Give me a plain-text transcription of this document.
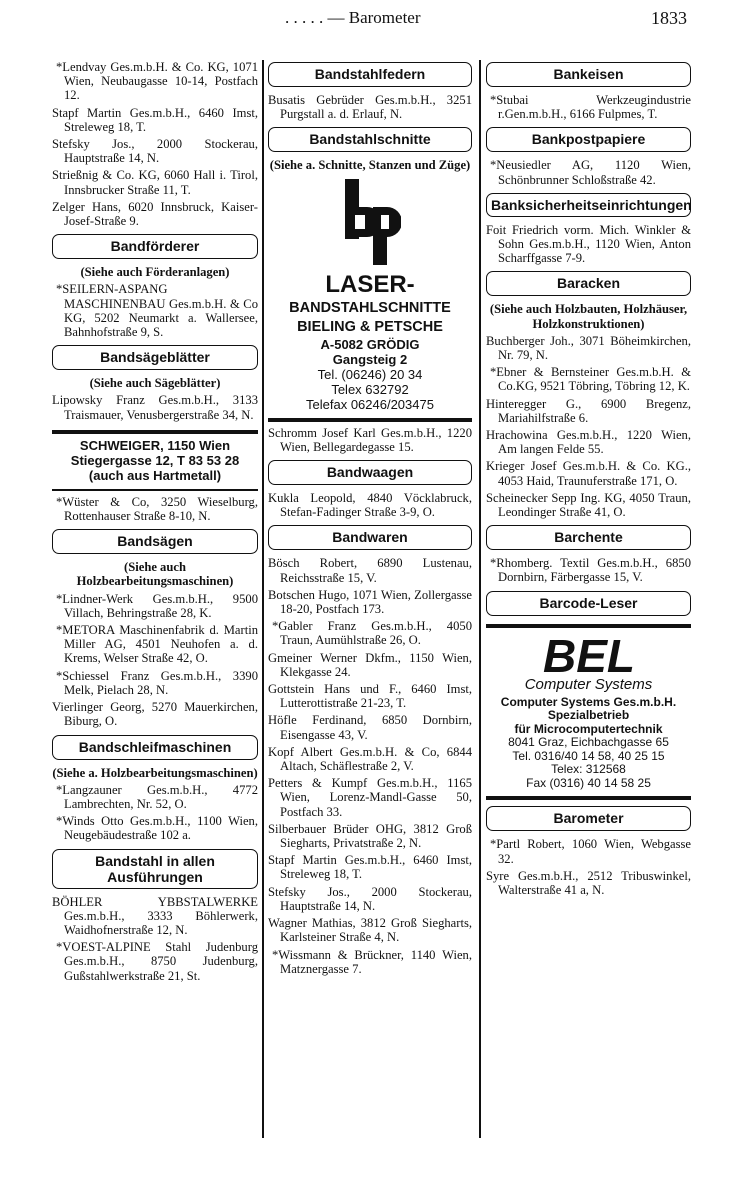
. . . . . — Barometer	1833

*Lendvay Ges.m.b.H. & Co. KG, 1071 Wien, Neubaugasse 10-14, Postfach 12.

Stapf Martin Ges.m.b.H., 6460 Imst, Streleweg 18, T.

Stefsky Jos., 2000 Stockerau, Hauptstraße 14, N.

Strießnig & Co. KG, 6060 Hall i. Tirol, Innsbrucker Straße 11, T.

Zelger Hans, 6020 Innsbruck, Kaiser-Josef-Straße 9.

Bandförderer
(Siehe auch Förderanlagen)

*SEILERN-ASPANG MASCHINENBAU Ges.m.b.H. & Co KG, 5202 Neumarkt a. Wallersee, Bahnhofstraße 9, S.

Bandsägeblätter
(Siehe auch Sägeblätter)

Lipowsky Franz Ges.m.b.H., 3133 Traismauer, Venusbergerstraße 34, N.

SCHWEIGER, 1150 Wien
Stiegergasse 12, T 83 53 28
(auch aus Hartmetall)

*Wüster & Co, 3250 Wieselburg, Rottenhauser Straße 8-10, N.

Bandsägen
(Siehe auch Holzbearbeitungsmaschinen)

*Lindner-Werk Ges.m.b.H., 9500 Villach, Behringstraße 28, K.

*METORA Maschinenfabrik d. Martin Miller AG, 4501 Neuhofen a. d. Krems, Welser Straße 42, O.

*Schiessel Franz Ges.m.b.H., 3390 Melk, Pielach 28, N.

Vierlinger Georg, 5270 Mauerkirchen, Biburg, O.

Bandschleifmaschinen
(Siehe a. Holzbearbeitungsmaschinen)

*Langzauner Ges.m.b.H., 4772 Lambrechten, Nr. 52, O.

*Winds Otto Ges.m.b.H., 1100 Wien, Neugebäudestraße 102 a.

Bandstahl in allen Ausführungen

BÖHLER YBBSTALWERKE Ges.m.b.H., 3333 Böhlerwerk, Waidhofnerstraße 12, N.

*VOEST-ALPINE Stahl Judenburg Ges.m.b.H., 8750 Judenburg, Gußstahlwerkstraße 21, St.

Bandstahlfedern

Busatis Gebrüder Ges.m.b.H., 3251 Purgstall a. d. Erlauf, N.

Bandstahlschnitte
(Siehe a. Schnitte, Stanzen und Züge)
LASER-
BANDSTAHLSCHNITTE
BIELING & PETSCHE
A-5082 GRÖDIG
Gangsteig 2
Tel. (06246) 20 34
Telex 632792
Telefax 06246/203475

Schromm Josef Karl Ges.m.b.H., 1220 Wien, Bellegardegasse 15.

Bandwaagen

Kukla Leopold, 4840 Vöcklabruck, Stefan-Fadinger Straße 3-9, O.

Bandwaren

Bösch Robert, 6890 Lustenau, Reichsstraße 15, V.

Botschen Hugo, 1071 Wien, Zollergasse 18-20, Postfach 173.

*Gabler Franz Ges.m.b.H., 4050 Traun, Aumühlstraße 26, O.

Gmeiner Werner Dkfm., 1150 Wien, Klekgasse 24.

Gottstein Hans und F., 6460 Imst, Lutterottistraße 21-23, T.

Höfle Ferdinand, 6850 Dornbirn, Eisengasse 43, V.

Kopf Albert Ges.m.b.H. & Co, 6844 Altach, Schäflestraße 2, V.

Petters & Kumpf Ges.m.b.H., 1165 Wien, Lorenz-Mandl-Gasse 50, Postfach 33.

Silberbauer Brüder OHG, 3812 Groß Siegharts, Privatstraße 2, N.

Stapf Martin Ges.m.b.H., 6460 Imst, Streleweg 18, T.

Stefsky Jos., 2000 Stockerau, Hauptstraße 14, N.

Wagner Mathias, 3812 Groß Siegharts, Karlsteiner Straße 4, N.

*Wissmann & Brückner, 1140 Wien, Matznergasse 7.

Bankeisen

*Stubai Werkzeugindustrie r.Gen.m.b.H., 6166 Fulpmes, T.

Bankpostpapiere

*Neusiedler AG, 1120 Wien, Schönbrunner Schloßstraße 42.

Banksicherheitseinrichtungen

Foit Friedrich vorm. Mich. Winkler & Sohn Ges.m.b.H., 1120 Wien, Anton Scharffgasse 7-9.

Baracken
(Siehe auch Holzbauten, Holzhäuser, Holzkonstruktionen)

Buchberger Joh., 3071 Böheimkirchen, Nr. 79, N.

*Ebner & Bernsteiner Ges.m.b.H. & Co.KG, 9521 Töbring, Töbring 12, K.

Hinteregger G., 6900 Bregenz, Mariahilfstraße 6.

Hrachowina Ges.m.b.H., 1220 Wien, Am langen Felde 55.

Krieger Josef Ges.m.b.H. & Co. KG., 4053 Haid, Traunuferstraße 171, O.

Scheinecker Sepp Ing. KG, 4050 Traun, Leondinger Straße 41, O.

Barchente

*Rhomberg. Textil Ges.m.b.H., 6850 Dornbirn, Färbergasse 15, V.

Barcode-Leser
BEL
Computer Systems
Computer Systems Ges.m.b.H.
Spezialbetrieb
für Microcomputertechnik
8041 Graz, Eichbachgasse 65
Tel. 0316/40 14 58, 40 25 15
Telex: 312568
Fax (0316) 40 14 58 25
Barometer

*Partl Robert, 1060 Wien, Webgasse 32.

Syre Ges.m.b.H., 2512 Tribuswinkel, Walterstraße 41 a, N.
